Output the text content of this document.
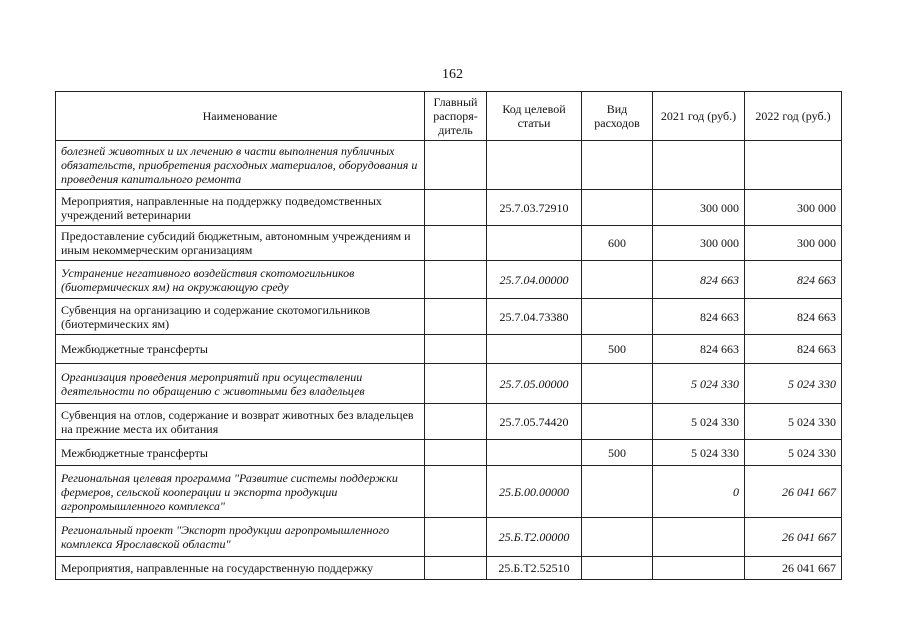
162
Наименование	Главный распоря- дитель	Код целевой статьи	Вид расходов	2021 год (руб.)	2022 год (руб.)
болезней животных и их лечению в части выполнения публичных обязательств, приобретения расходных материалов, оборудования и проведения капитального ремонта					
Мероприятия, направленные на поддержку подведомственных учреждений ветеринарии		25.7.03.72910		300 000	300 000
Предоставление субсидий бюджетным, автономным учреждениям и иным некоммерческим организациям			600	300 000	300 000
Устранение негативного воздействия скотомогильников (биотермических ям) на окружающую среду		25.7.04.00000		824 663	824 663
Субвенция на организацию и содержание скотомогильников (биотермических ям)		25.7.04.73380		824 663	824 663
Межбюджетные трансферты			500	824 663	824 663
Организация проведения мероприятий при осуществлении деятельности по обращению с животными без владельцев		25.7.05.00000		5 024 330	5 024 330
Субвенция на отлов, содержание и возврат животных без владельцев на прежние места их обитания		25.7.05.74420		5 024 330	5 024 330
Межбюджетные трансферты			500	5 024 330	5 024 330
Региональная целевая программа "Развитие системы поддержки фермеров, сельской кооперации и экспорта продукции агропромышленного комплекса"		25.Б.00.00000		0	26 041 667
Региональный проект "Экспорт продукции агропромышленного комплекса Ярославской области"		25.Б.Т2.00000			26 041 667
Мероприятия, направленные на государственную поддержку		25.Б.Т2.52510			26 041 667
